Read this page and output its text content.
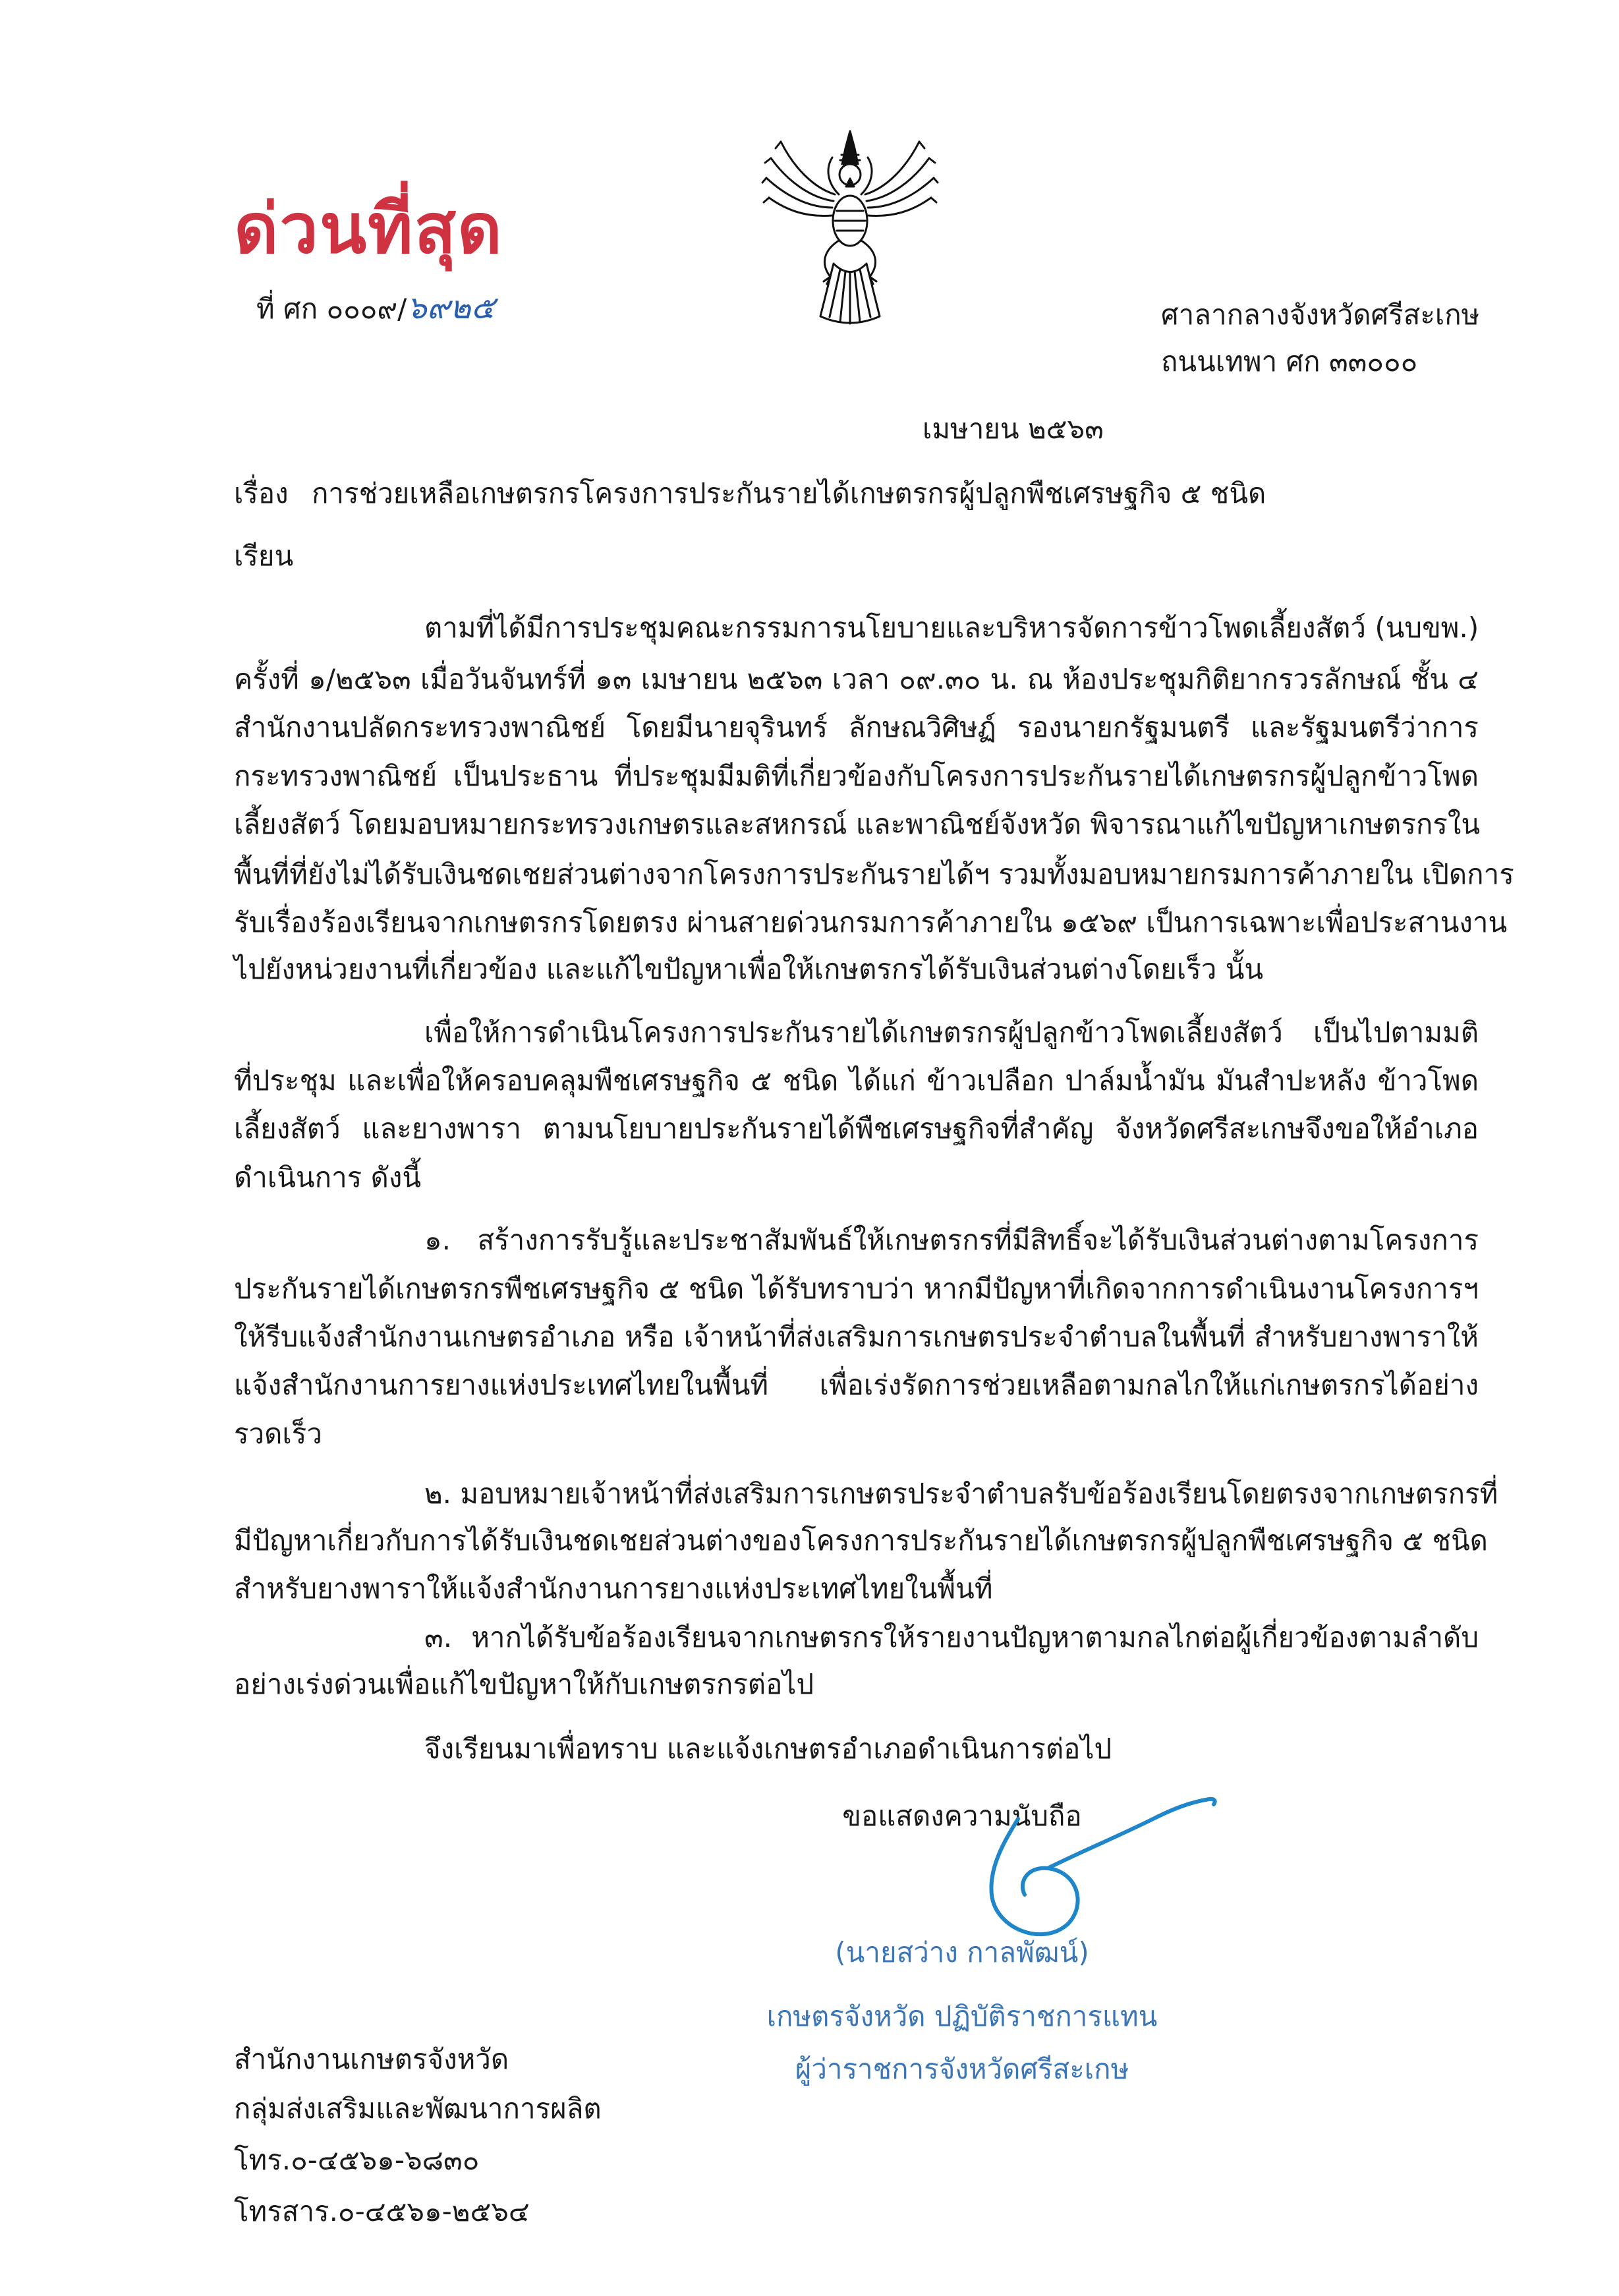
ด่วนที่สุด
ที่ ศก ๐๐๐๙/๖๙๒๕	ศาลากลางจังหวัดศรีสะเกษ
ถนนเทพา ศก ๓๓๐๐๐
เมษายน ๒๕๖๓
เรื่อง การช่วยเหลือเกษตรกรโครงการประกันรายได้เกษตรกรผู้ปลูกพืชเศรษฐกิจ ๕ ชนิด
เรียน
ตามที่ได้มีการประชุมคณะกรรมการนโยบายและบริหารจัดการข้าวโพดเลี้ยงสัตว์ (นบขพ.)
ครั้งที่ ๑/๒๕๖๓ เมื่อวันจันทร์ที่ ๑๓ เมษายน ๒๕๖๓ เวลา ๐๙.๓๐ น. ณ ห้องประชุมกิติยากรวรลักษณ์ ชั้น ๔
สำนักงานปลัดกระทรวงพาณิชย์ โดยมีนายจุรินทร์ ลักษณวิศิษฏ์ รองนายกรัฐมนตรี และรัฐมนตรีว่าการ
กระทรวงพาณิชย์ เป็นประธาน ที่ประชุมมีมติที่เกี่ยวข้องกับโครงการประกันรายได้เกษตรกรผู้ปลูกข้าวโพด
เลี้ยงสัตว์ โดยมอบหมายกระทรวงเกษตรและสหกรณ์ และพาณิชย์จังหวัด พิจารณาแก้ไขปัญหาเกษตรกรใน
พื้นที่ที่ยังไม่ได้รับเงินชดเชยส่วนต่างจากโครงการประกันรายได้ฯ รวมทั้งมอบหมายกรมการค้าภายใน เปิดการ
รับเรื่องร้องเรียนจากเกษตรกรโดยตรง ผ่านสายด่วนกรมการค้าภายใน ๑๕๖๙ เป็นการเฉพาะเพื่อประสานงาน
ไปยังหน่วยงานที่เกี่ยวข้อง และแก้ไขปัญหาเพื่อให้เกษตรกรได้รับเงินส่วนต่างโดยเร็ว นั้น
เพื่อให้การดำเนินโครงการประกันรายได้เกษตรกรผู้ปลูกข้าวโพดเลี้ยงสัตว์ เป็นไปตามมติ
ที่ประชุม และเพื่อให้ครอบคลุมพืชเศรษฐกิจ ๕ ชนิด ได้แก่ ข้าวเปลือก ปาล์มน้ำมัน มันสำปะหลัง ข้าวโพด
เลี้ยงสัตว์ และยางพารา ตามนโยบายประกันรายได้พืชเศรษฐกิจที่สำคัญ จังหวัดศรีสะเกษจึงขอให้อำเภอ
ดำเนินการ ดังนี้
๑. สร้างการรับรู้และประชาสัมพันธ์ให้เกษตรกรที่มีสิทธิ์จะได้รับเงินส่วนต่างตามโครงการ
ประกันรายได้เกษตรกรพืชเศรษฐกิจ ๕ ชนิด ได้รับทราบว่า หากมีปัญหาที่เกิดจากการดำเนินงานโครงการฯ
ให้รีบแจ้งสำนักงานเกษตรอำเภอ หรือ เจ้าหน้าที่ส่งเสริมการเกษตรประจำตำบลในพื้นที่ สำหรับยางพาราให้
แจ้งสำนักงานการยางแห่งประเทศไทยในพื้นที่ เพื่อเร่งรัดการช่วยเหลือตามกลไกให้แก่เกษตรกรได้อย่าง
รวดเร็ว
๒. มอบหมายเจ้าหน้าที่ส่งเสริมการเกษตรประจำตำบลรับข้อร้องเรียนโดยตรงจากเกษตรกรที่
มีปัญหาเกี่ยวกับการได้รับเงินชดเชยส่วนต่างของโครงการประกันรายได้เกษตรกรผู้ปลูกพืชเศรษฐกิจ ๕ ชนิด
สำหรับยางพาราให้แจ้งสำนักงานการยางแห่งประเทศไทยในพื้นที่
๓. หากได้รับข้อร้องเรียนจากเกษตรกรให้รายงานปัญหาตามกลไกต่อผู้เกี่ยวข้องตามลำดับ
อย่างเร่งด่วนเพื่อแก้ไขปัญหาให้กับเกษตรกรต่อไป
จึงเรียนมาเพื่อทราบ และแจ้งเกษตรอำเภอดำเนินการต่อไป
ขอแสดงความนับถือ
(นายสว่าง กาลพัฒน์)
เกษตรจังหวัด ปฏิบัติราชการแทน
ผู้ว่าราชการจังหวัดศรีสะเกษ
สำนักงานเกษตรจังหวัด
กลุ่มส่งเสริมและพัฒนาการผลิต
โทร.๐-๔๕๖๑-๖๘๓๐
โทรสาร.๐-๔๕๖๑-๒๕๖๔
